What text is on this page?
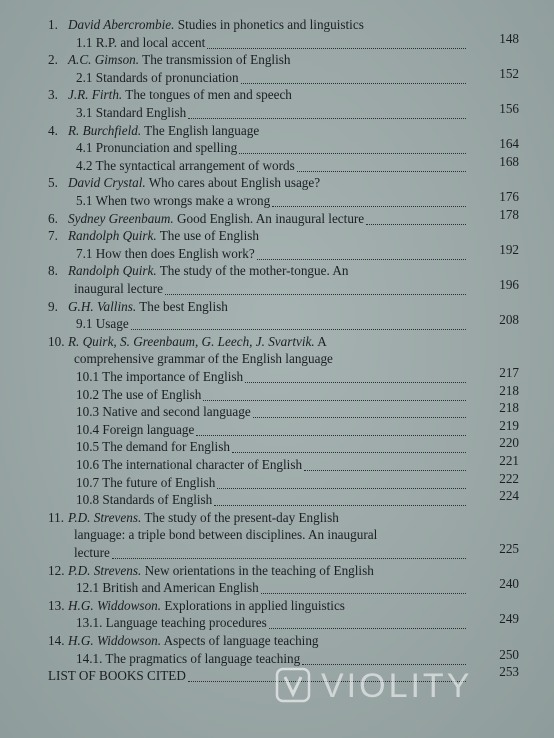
1. David Abercrombie. Studies in phonetics and linguistics
1.1 R.P. and local accent	148
2. A.C. Gimson. The transmission of English
2.1 Standards of pronunciation	152
3. J.R. Firth. The tongues of men and speech
3.1 Standard English	156
4. R. Burchfield. The English language
4.1 Pronunciation and spelling	164
4.2 The syntactical arrangement of words	168
5. David Crystal. Who cares about English usage?
5.1 When two wrongs make a wrong	176
6. Sydney Greenbaum. Good English. An inaugural lecture	178
7. Randolph Quirk. The use of English
7.1 How then does English work?	192
8. Randolph Quirk. The study of the mother-tongue. An
inaugural lecture	196
9. G.H. Vallins. The best English
9.1 Usage	208
10. R. Quirk, S. Greenbaum, G. Leech, J. Svartvik. A
comprehensive grammar of the English language
10.1 The importance of English	217
10.2 The use of English	218
10.3 Native and second language	218
10.4 Foreign language	219
10.5 The demand for English	220
10.6 The international character of English	221
10.7 The future of English	222
10.8 Standards of English	224
11. P.D. Strevens. The study of the present-day English
language: a triple bond between disciplines. An inaugural
lecture	225
12. P.D. Strevens. New orientations in the teaching of English
12.1 British and American English	240
13. H.G. Widdowson. Explorations in applied linguistics
13.1. Language teaching procedures	249
14. H.G. Widdowson. Aspects of language teaching
14.1. The pragmatics of language teaching	250
LIST OF BOOKS CITED	253
VIOLITY
